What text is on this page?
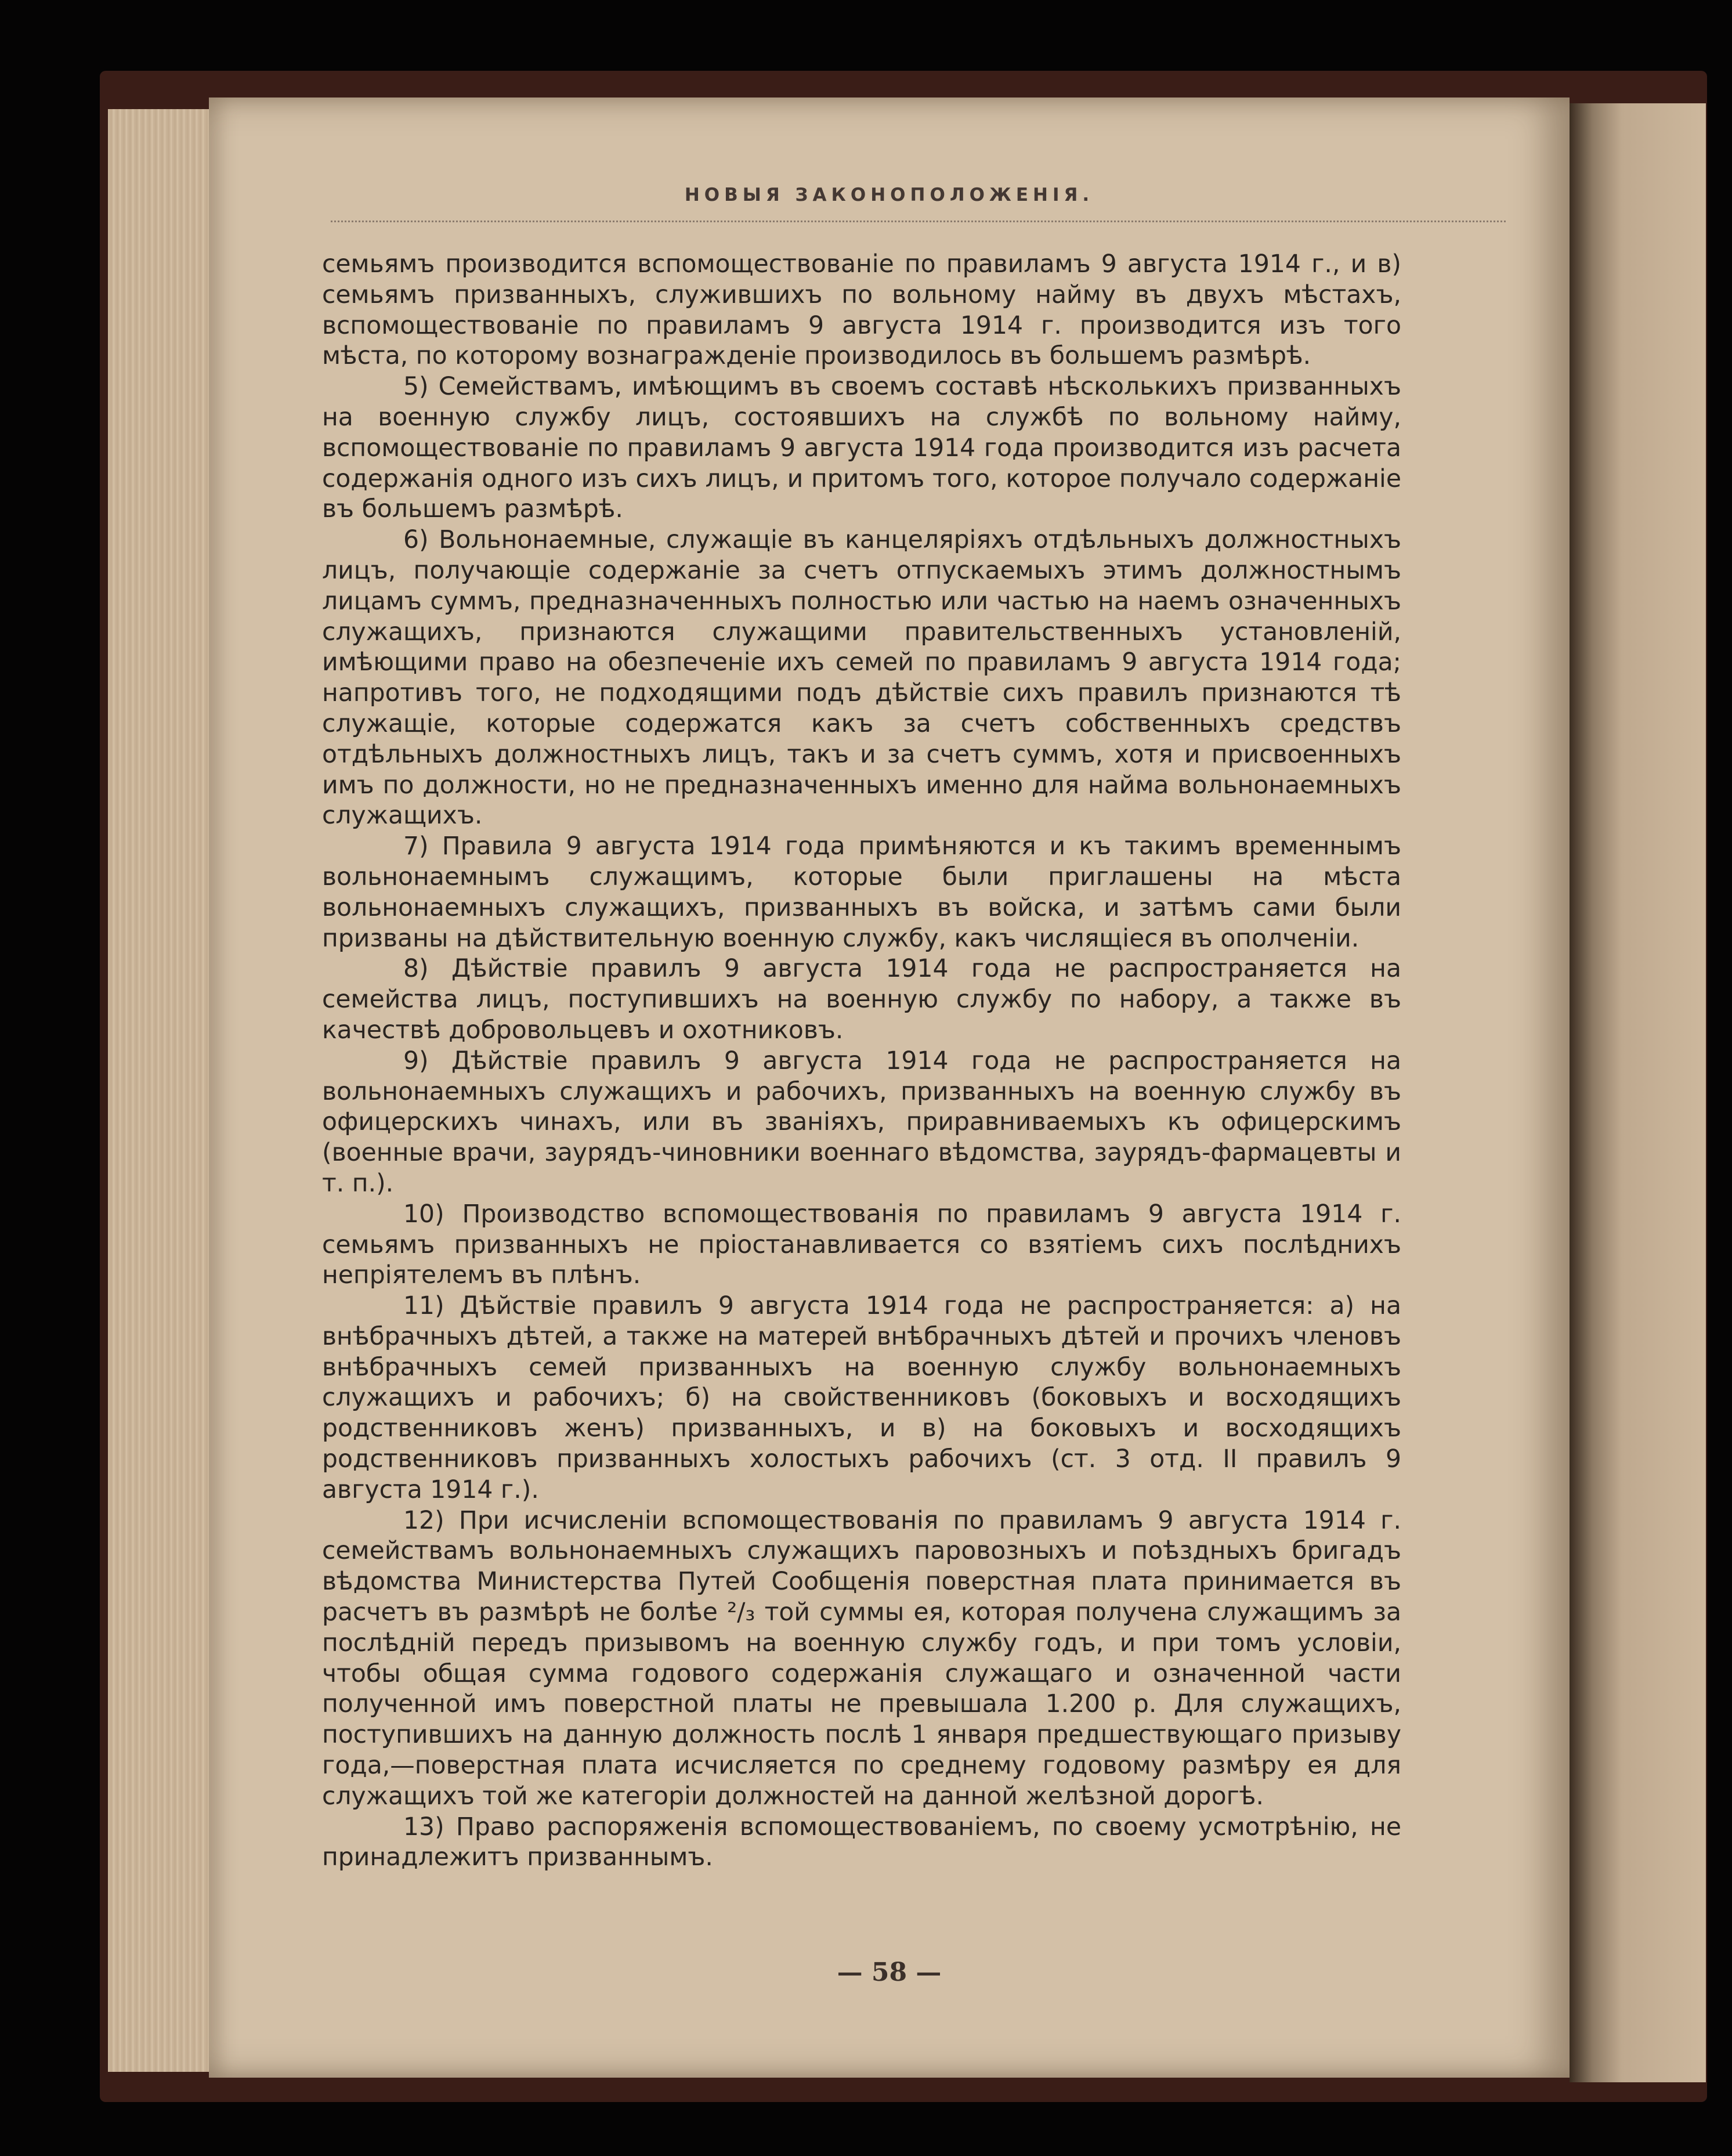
НОВЫЯ ЗАКОНОПОЛОЖЕНІЯ.

семьямъ производится вспомоществованіе по правиламъ 9 августа 1914 г., и в) семьямъ призванныхъ, служившихъ по вольному найму въ двухъ мѣстахъ, вспомоществованіе по правиламъ 9 августа 1914 г. производится изъ того мѣста, по которому вознагражденіе производилось въ большемъ размѣрѣ.

5) Семействамъ, имѣющимъ въ своемъ составѣ нѣсколькихъ призванныхъ на военную службу лицъ, состоявшихъ на службѣ по вольному найму, вспомоществованіе по правиламъ 9 августа 1914 года производится изъ расчета содержанія одного изъ сихъ лицъ, и притомъ того, которое получало содержаніе въ большемъ размѣрѣ.

6) Вольнонаемные, служащіе въ канцеляріяхъ отдѣльныхъ должностныхъ лицъ, получающіе содержаніе за счетъ отпускаемыхъ этимъ должностнымъ лицамъ суммъ, предназначенныхъ полностью или частью на наемъ означенныхъ служащихъ, признаются служащими правительственныхъ установленій, имѣющими право на обезпеченіе ихъ семей по правиламъ 9 августа 1914 года; напротивъ того, не подходящими подъ дѣйствіе сихъ правилъ признаются тѣ служащіе, которые содержатся какъ за счетъ собственныхъ средствъ отдѣльныхъ должностныхъ лицъ, такъ и за счетъ суммъ, хотя и присвоенныхъ имъ по должности, но не предназначенныхъ именно для найма вольнонаемныхъ служащихъ.

7) Правила 9 августа 1914 года примѣняются и къ такимъ временнымъ вольнонаемнымъ служащимъ, которые были приглашены на мѣста вольнонаемныхъ служащихъ, призванныхъ въ войска, и затѣмъ сами были призваны на дѣйствительную военную службу, какъ числящіеся въ ополченіи.

8) Дѣйствіе правилъ 9 августа 1914 года не распространяется на семейства лицъ, поступившихъ на военную службу по набору, а также въ качествѣ добровольцевъ и охотниковъ.

9) Дѣйствіе правилъ 9 августа 1914 года не распространяется на вольнонаемныхъ служащихъ и рабочихъ, призванныхъ на военную службу въ офицерскихъ чинахъ, или въ званіяхъ, приравниваемыхъ къ офицерскимъ (военные врачи, заурядъ-чиновники военнаго вѣдомства, заурядъ-фармацевты и т. п.).

10) Производство вспомоществованія по правиламъ 9 августа 1914 г. семьямъ призванныхъ не пріостанавливается со взятіемъ сихъ послѣднихъ непріятелемъ въ плѣнъ.

11) Дѣйствіе правилъ 9 августа 1914 года не распространяется: а) на внѣбрачныхъ дѣтей, а также на матерей внѣбрачныхъ дѣтей и прочихъ членовъ внѣбрачныхъ семей призванныхъ на военную службу вольнонаемныхъ служащихъ и рабочихъ; б) на свойственниковъ (боковыхъ и восходящихъ родственниковъ женъ) призванныхъ, и в) на боковыхъ и восходящихъ родственниковъ призванныхъ холостыхъ рабочихъ (ст. 3 отд. II правилъ 9 августа 1914 г.).

12) При исчисленіи вспомоществованія по правиламъ 9 августа 1914 г. семействамъ вольнонаемныхъ служащихъ паровозныхъ и поѣздныхъ бригадъ вѣдомства Министерства Путей Сообщенія поверстная плата принимается въ расчетъ въ размѣрѣ не болѣе ²/₃ той суммы ея, которая получена служащимъ за послѣдній передъ призывомъ на военную службу годъ, и при томъ условіи, чтобы общая сумма годового содержанія служащаго и означенной части полученной имъ поверстной платы не превышала 1.200 р. Для служащихъ, поступившихъ на данную должность послѣ 1 января предшествующаго призыву года,—поверстная плата исчисляется по среднему годовому размѣру ея для служащихъ той же категоріи должностей на данной желѣзной дорогѣ.

13) Право распоряженія вспомоществованіемъ, по своему усмотрѣнію, не принадлежитъ призваннымъ.

— 58 —
